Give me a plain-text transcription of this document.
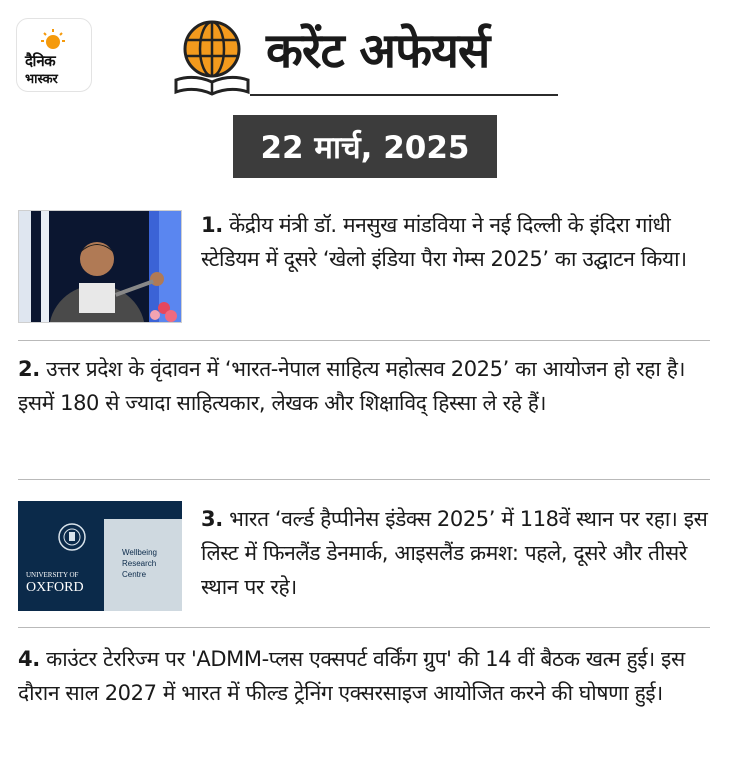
दैनिक
भास्कर
करेंट अफेयर्स
22 मार्च, 2025
1. केंद्रीय मंत्री डॉ. मनसुख मांडविया ने नई दिल्ली के इंदिरा गांधी स्टेडियम में दूसरे ‘खेलो इंडिया पैरा गेम्स 2025’ का उद्घाटन किया।
2. उत्तर प्रदेश के वृंदावन में ‘भारत-नेपाल साहित्य महोत्सव 2025’ का आयोजन हो रहा है। इसमें 180 से ज्यादा साहित्यकार, लेखक और शिक्षाविद् हिस्सा ले रहे हैं।
UNIVERSITY OF
OXFORD
Wellbeing
Research
Centre
3. भारत ‘वर्ल्ड हैप्पीनेस इंडेक्स 2025’ में 118वें स्थान पर रहा। इस लिस्ट में फिनलैंड डेनमार्क, आइसलैंड क्रमश: पहले, दूसरे और तीसरे स्थान पर रहे।
4. काउंटर टेररिज्म पर 'ADMM-प्लस एक्सपर्ट वर्किंग ग्रुप' की 14 वीं बैठक खत्म हुई। इस दौरान साल 2027 में भारत में फील्ड ट्रेनिंग एक्सरसाइज आयोजित करने की घोषणा हुई।
